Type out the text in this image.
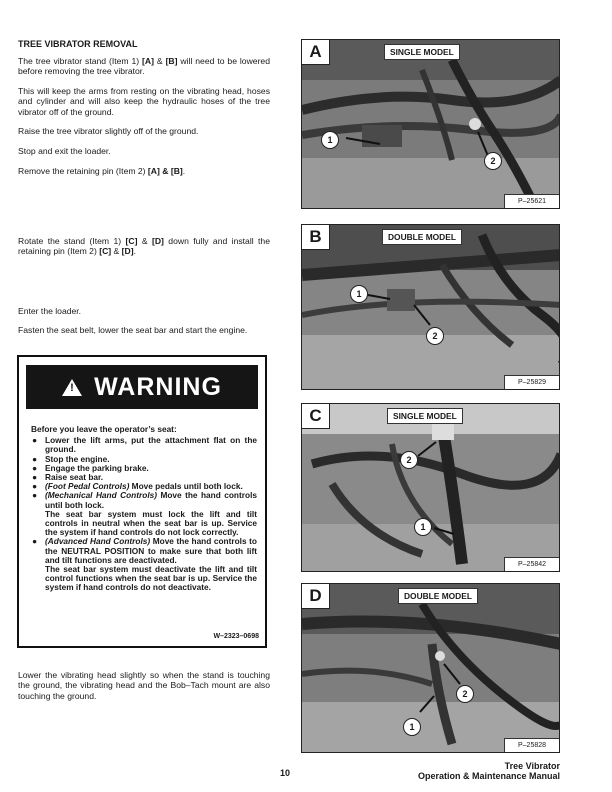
TREE VIBRATOR REMOVAL
The tree vibrator stand (Item 1) [A] & [B] will need to be lowered before removing the tree vibrator.
This will keep the arms from resting on the vibrating head, hoses and cylinder and will also keep the hydraulic hoses of the tree vibrator off of the ground.
Raise the tree vibrator slightly off of the ground.
Stop and exit the loader.
Remove the retaining pin (Item 2) [A] & [B].
Rotate the stand (Item 1) [C] & [D] down fully and install the retaining pin (Item 2) [C] & [D].
Enter the loader.
Fasten the seat belt, lower the seat bar and start the engine.
! WARNING
Before you leave the operator’s seat:
● Lower the lift arms, put the attachment flat on the ground.
● Stop the engine.
● Engage the parking brake.
● Raise seat bar.
● (Foot Pedal Controls) Move pedals until both lock.
● (Mechanical Hand Controls) Move the hand controls until both lock.
The seat bar system must lock the lift and tilt controls in neutral when the seat bar is up. Service the system if hand controls do not lock correctly.
● (Advanced Hand Controls) Move the hand controls to the NEUTRAL POSITION to make sure that both lift and tilt functions are deactivated.
The seat bar system must deactivate the lift and tilt control functions when the seat bar is up. Service the system if hand controls do not deactivate.
W–2323–0698
Lower the vibrating head slightly so when the stand is touching the ground, the vibrating head and the Bob–Tach mount are also touching the ground.
A	SINGLE MODEL
1
2
P–25621
B	DOUBLE MODEL
1
2
P–25829
C	SINGLE MODEL
2
1
P–25842
D	DOUBLE MODEL
2
1
P–25828
10
Tree Vibrator
Operation & Maintenance Manual
